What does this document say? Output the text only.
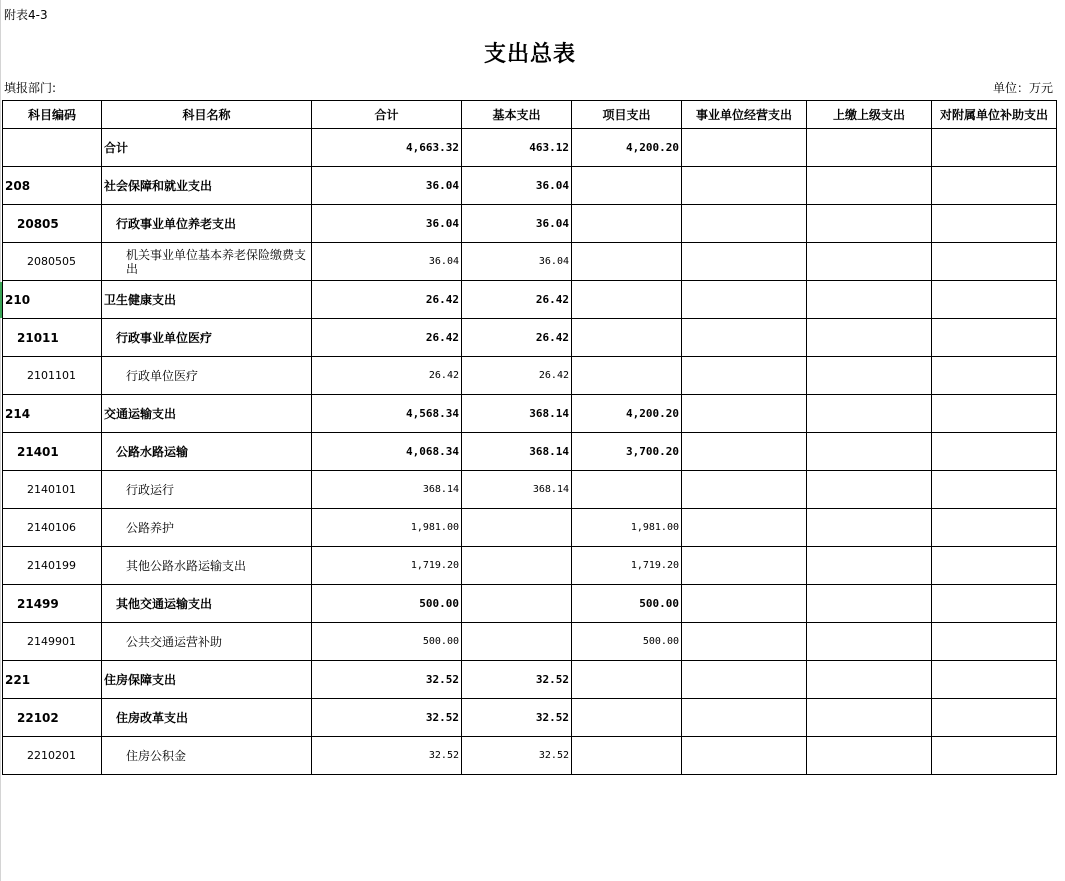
附表4-3
支出总表
填报部门:	单位：万元
科目编码	科目名称	合计	基本支出	项目支出	事业单位经营支出	上缴上级支出	对附属单位补助支出
	合计	4,663.32	463.12	4,200.20			
208	社会保障和就业支出	36.04	36.04				
20805	行政事业单位养老支出	36.04	36.04				
2080505	机关事业单位基本养老保险缴费支出	36.04	36.04				
210	卫生健康支出	26.42	26.42				
21011	行政事业单位医疗	26.42	26.42				
2101101	行政单位医疗	26.42	26.42				
214	交通运输支出	4,568.34	368.14	4,200.20			
21401	公路水路运输	4,068.34	368.14	3,700.20			
2140101	行政运行	368.14	368.14				
2140106	公路养护	1,981.00		1,981.00			
2140199	其他公路水路运输支出	1,719.20		1,719.20			
21499	其他交通运输支出	500.00		500.00			
2149901	公共交通运营补助	500.00		500.00			
221	住房保障支出	32.52	32.52				
22102	住房改革支出	32.52	32.52				
2210201	住房公积金	32.52	32.52				
